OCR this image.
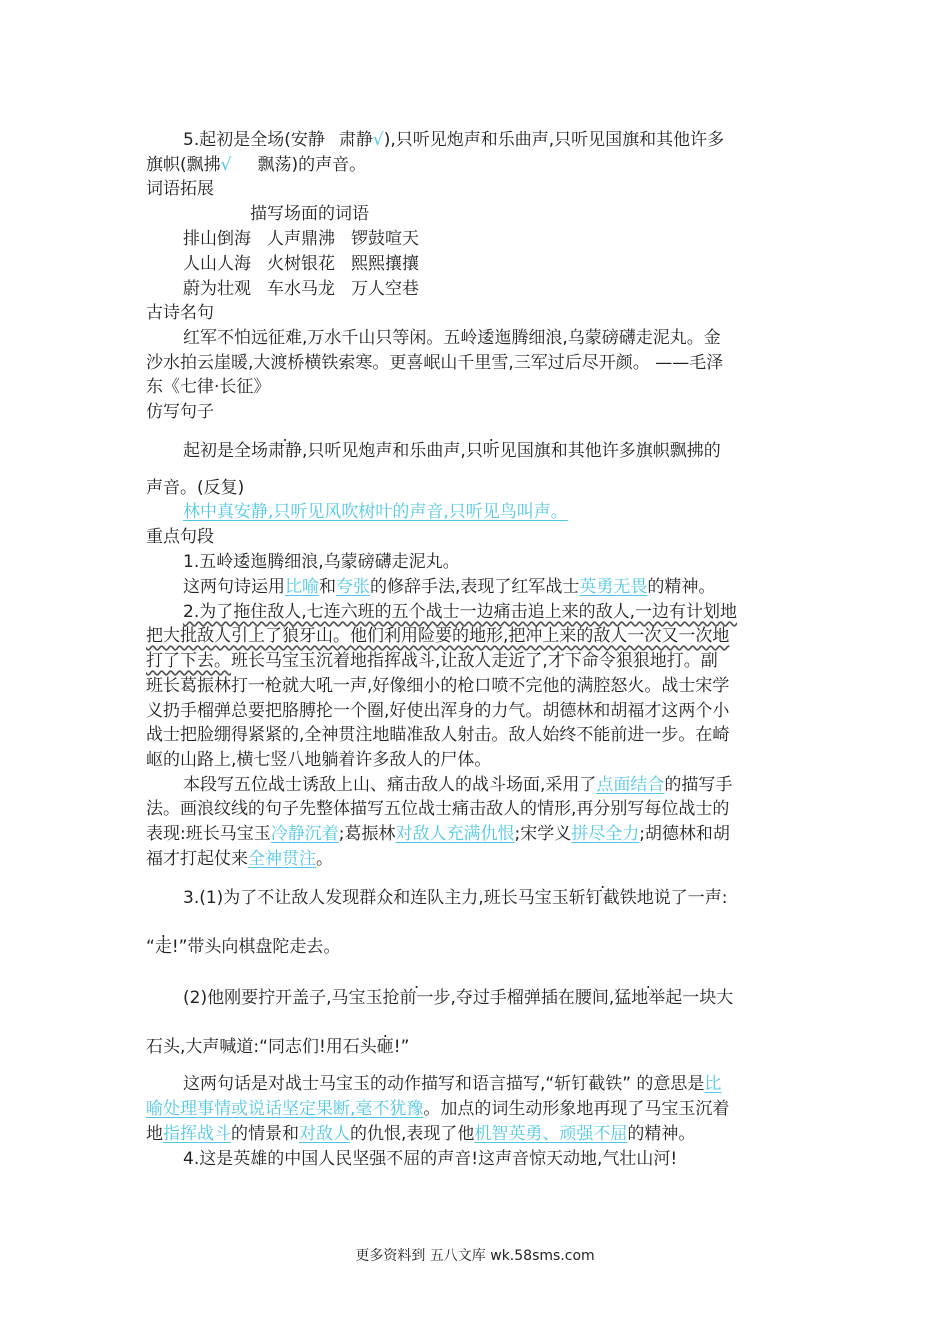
5.起初是全场(安静 肃静√),只听见炮声和乐曲声,只听见国旗和其他许多
旗帜(飘拂√ 飘荡)的声音。
词语拓展
描写场面的词语
排山倒海 人声鼎沸 锣鼓喧天
人山人海 火树银花 熙熙攘攘
蔚为壮观 车水马龙 万人空巷
古诗名句
红军不怕远征难,万水千山只等闲。五岭逶迤腾细浪,乌蒙磅礴走泥丸。金
沙水拍云崖暖,大渡桥横铁索寒。更喜岷山千里雪,三军过后尽开颜。 ——毛泽
东《七律·长征》
仿写句子
起初是全场肃静,只听见炮声和乐曲声,只听见国旗和其他许多旗帜飘拂的
声音。(反复)
林中真安静,只听见风吹树叶的声音,只听见鸟叫声。
重点句段
1.五岭逶迤腾细浪,乌蒙磅礴走泥丸。
这两句诗运用比喻和夸张的修辞手法,表现了红军战士英勇无畏的精神。
2.为了拖住敌人,七连六班的五个战士一边痛击追上来的敌人,一边有计划地
把大批敌人引上了狼牙山。他们利用险要的地形,把冲上来的敌人一次又一次地
打了下去。班长马宝玉沉着地指挥战斗,让敌人走近了,才下命令狠狠地打。副
班长葛振林打一枪就大吼一声,好像细小的枪口喷不完他的满腔怒火。战士宋学
义扔手榴弹总要把胳膊抡一个圈,好使出浑身的力气。胡德林和胡福才这两个小
战士把脸绷得紧紧的,全神贯注地瞄准敌人射击。敌人始终不能前进一步。在崎
岖的山路上,横七竖八地躺着许多敌人的尸体。
本段写五位战士诱敌上山、痛击敌人的战斗场面,采用了点面结合的描写手
法。画浪纹线的句子先整体描写五位战士痛击敌人的情形,再分别写每位战士的
表现:班长马宝玉冷静沉着;葛振林对敌人充满仇恨;宋学义拼尽全力;胡德林和胡
福才打起仗来全神贯注。
3.(1)为了不让敌人发现群众和连队主力,班长马宝玉斩钉截铁地说了一声:
“走!”带头向棋盘陀走去。
(2)他刚要拧开盖子,马宝玉抢前一步,夺过手榴弹插在腰间,猛地举起一块大
石头,大声喊道:“同志们!用石头砸!”
这两句话是对战士马宝玉的动作描写和语言描写,“斩钉截铁” 的意思是比
喻处理事情或说话坚定果断,毫不犹豫。加点的词生动形象地再现了马宝玉沉着
地指挥战斗的情景和对敌人的仇恨,表现了他机智英勇、顽强不屈的精神。
4.这是英雄的中国人民坚强不屈的声音!这声音惊天动地,气壮山河!
更多资料到 五八文库 wk.58sms.com
